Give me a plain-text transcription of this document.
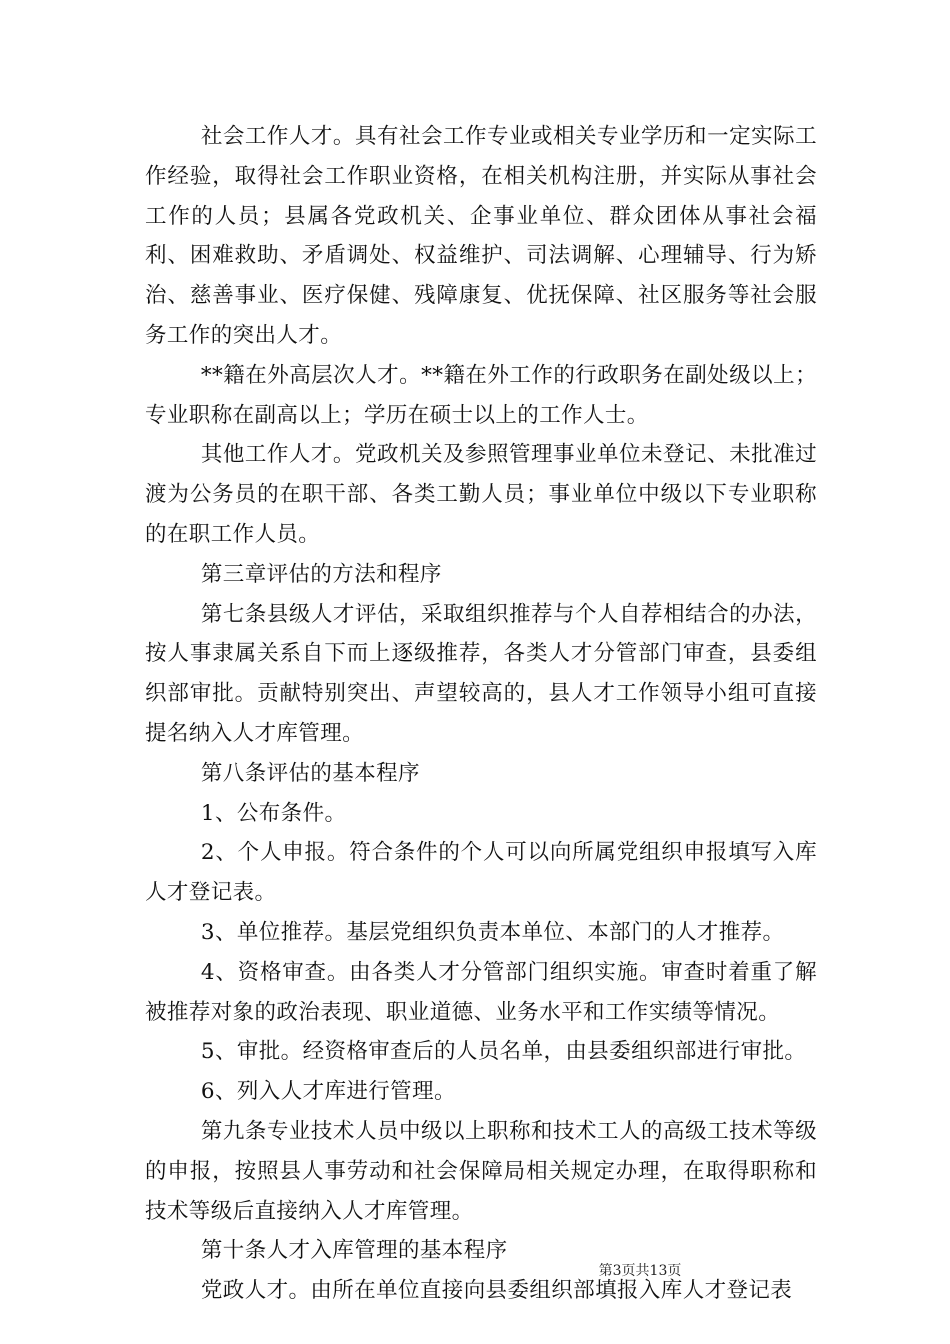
社会工作人才。具有社会工作专业或相关专业学历和一定实际工作经验，取得社会工作职业资格，在相关机构注册，并实际从事社会工作的人员；县属各党政机关、企事业单位、群众团体从事社会福利、困难救助、矛盾调处、权益维护、司法调解、心理辅导、行为矫治、慈善事业、医疗保健、残障康复、优抚保障、社区服务等社会服务工作的突出人才。

**籍在外高层次人才。**籍在外工作的行政职务在副处级以上；专业职称在副高以上；学历在硕士以上的工作人士。

其他工作人才。党政机关及参照管理事业单位未登记、未批准过渡为公务员的在职干部、各类工勤人员；事业单位中级以下专业职称的在职工作人员。

第三章评估的方法和程序

第七条县级人才评估，采取组织推荐与个人自荐相结合的办法，按人事隶属关系自下而上逐级推荐，各类人才分管部门审查，县委组织部审批。贡献特别突出、声望较高的，县人才工作领导小组可直接提名纳入人才库管理。

第八条评估的基本程序

1、公布条件。

2、个人申报。符合条件的个人可以向所属党组织申报填写入库人才登记表。

3、单位推荐。基层党组织负责本单位、本部门的人才推荐。

4、资格审查。由各类人才分管部门组织实施。审查时着重了解被推荐对象的政治表现、职业道德、业务水平和工作实绩等情况。

5、审批。经资格审查后的人员名单，由县委组织部进行审批。

6、列入人才库进行管理。

第九条专业技术人员中级以上职称和技术工人的高级工技术等级的申报，按照县人事劳动和社会保障局相关规定办理，在取得职称和技术等级后直接纳入人才库管理。

第十条人才入库管理的基本程序

党政人才。由所在单位直接向县委组织部填报入库人才登记表

第3页共13页
